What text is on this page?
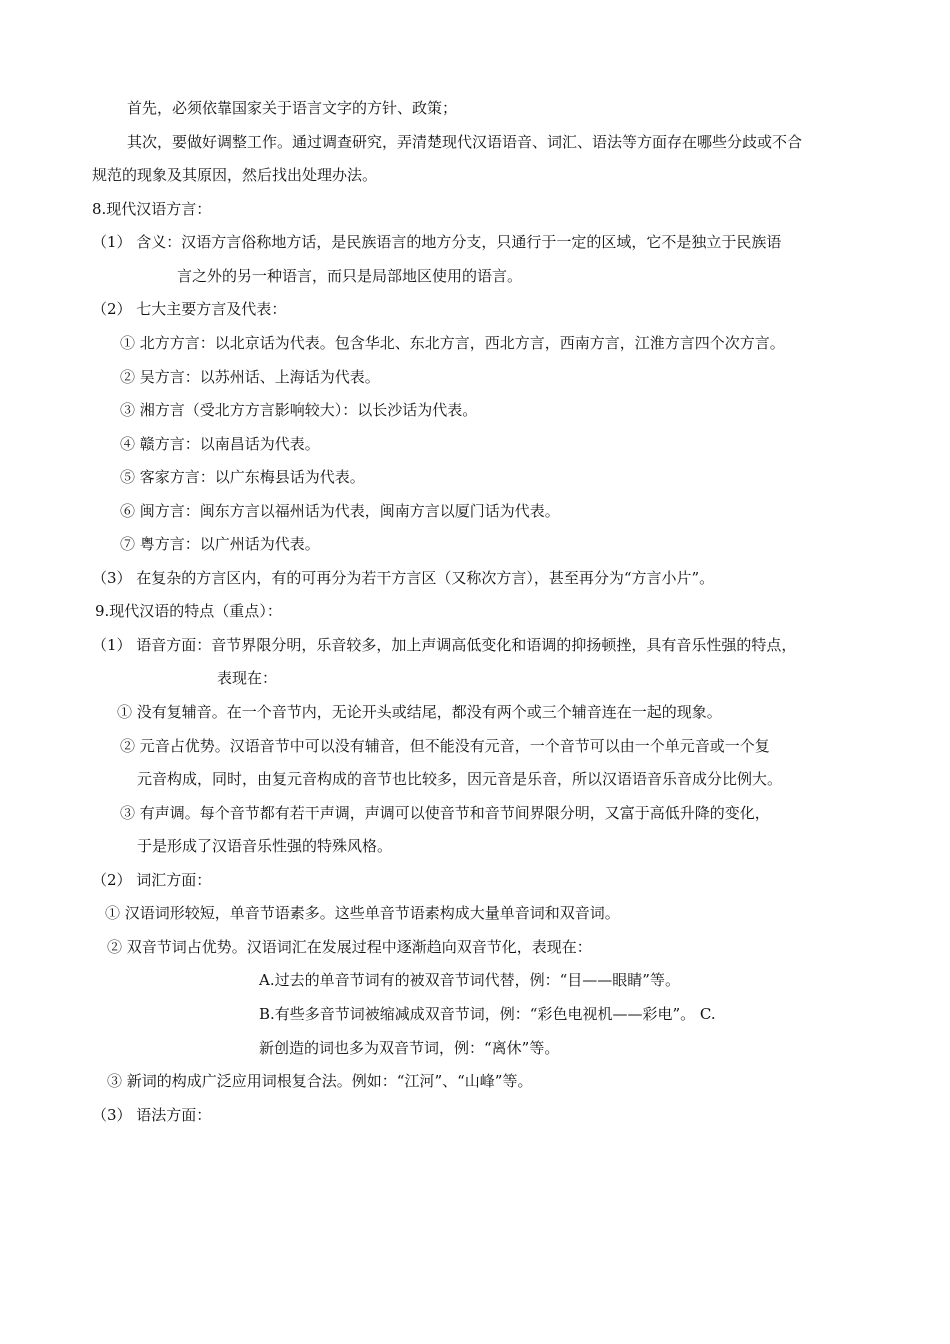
首先，必须依靠国家关于语言文字的方针、政策；
其次，要做好调整工作。通过调查研究，弄清楚现代汉语语音、词汇、语法等方面存在哪些分歧或不合
规范的现象及其原因，然后找出处理办法。
8.现代汉语方言：
（1） 含义：汉语方言俗称地方话，是民族语言的地方分支，只通行于一定的区域，它不是独立于民族语
言之外的另一种语言，而只是局部地区使用的语言。
（2） 七大主要方言及代表：
① 北方方言：以北京话为代表。包含华北、东北方言，西北方言，西南方言，江淮方言四个次方言。
② 吴方言：以苏州话、上海话为代表。
③ 湘方言（受北方方言影响较大）：以长沙话为代表。
④ 赣方言：以南昌话为代表。
⑤ 客家方言：以广东梅县话为代表。
⑥ 闽方言：闽东方言以福州话为代表，闽南方言以厦门话为代表。
⑦ 粤方言：以广州话为代表。
（3） 在复杂的方言区内，有的可再分为若干方言区（又称次方言），甚至再分为“方言小片”。
9.现代汉语的特点（重点）：
（1） 语音方面：音节界限分明，乐音较多，加上声调高低变化和语调的抑扬顿挫，具有音乐性强的特点，
表现在：
① 没有复辅音。在一个音节内，无论开头或结尾，都没有两个或三个辅音连在一起的现象。
② 元音占优势。汉语音节中可以没有辅音，但不能没有元音，一个音节可以由一个单元音或一个复
元音构成，同时，由复元音构成的音节也比较多，因元音是乐音，所以汉语语音乐音成分比例大。
③ 有声调。每个音节都有若干声调，声调可以使音节和音节间界限分明，又富于高低升降的变化，
于是形成了汉语音乐性强的特殊风格。
（2） 词汇方面：
① 汉语词形较短，单音节语素多。这些单音节语素构成大量单音词和双音词。
② 双音节词占优势。汉语词汇在发展过程中逐渐趋向双音节化，表现在：
A.过去的单音节词有的被双音节词代替，例：“目——眼睛”等。
B.有些多音节词被缩减成双音节词，例：“彩色电视机——彩电”。 C.
新创造的词也多为双音节词，例：“离休”等。
③ 新词的构成广泛应用词根复合法。例如：“江河”、“山峰”等。
（3） 语法方面：
